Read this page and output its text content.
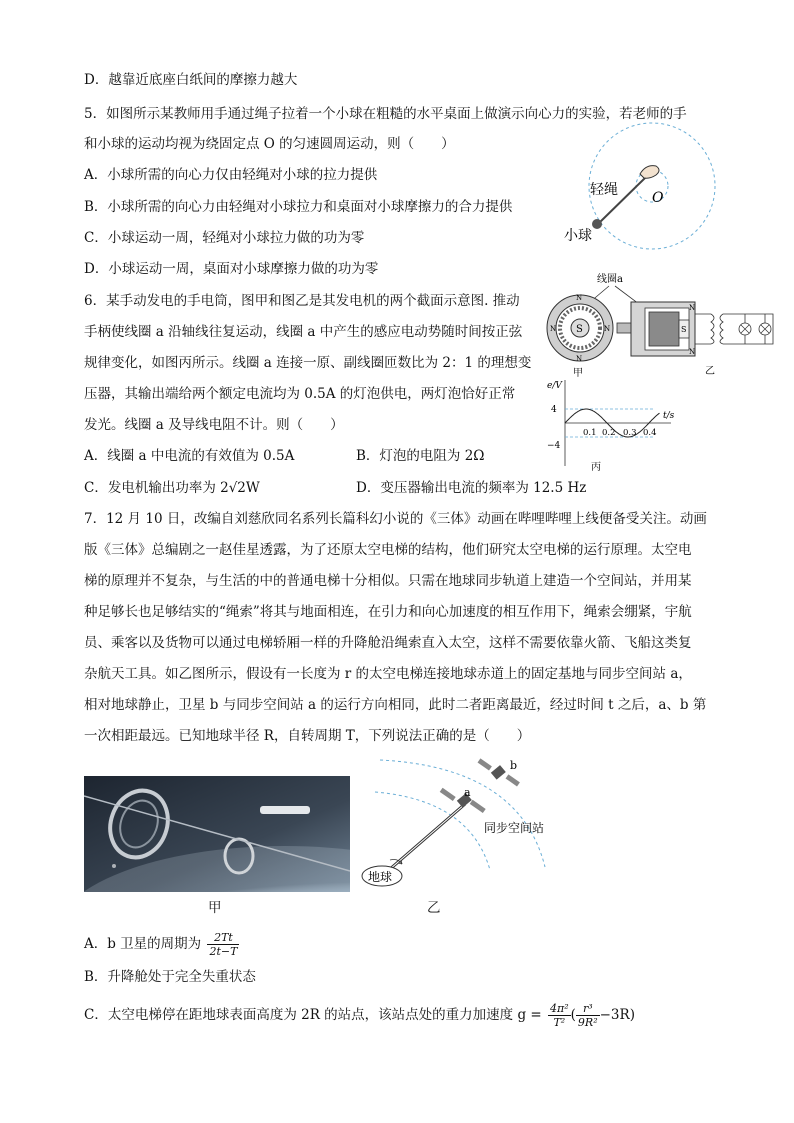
D．越靠近底座白纸间的摩擦力越大
5．如图所示某教师用手通过绳子拉着一个小球在粗糙的水平桌面上做演示向心力的实验，若老师的手
和小球的运动均视为绕固定点 O 的匀速圆周运动，则（　　）
A．小球所需的向心力仅由轻绳对小球的拉力提供
B．小球所需的向心力由轻绳对小球拉力和桌面对小球摩擦力的合力提供
C．小球运动一周，轻绳对小球拉力做的功为零
D．小球运动一周，桌面对小球摩擦力做的功为零
轻绳 O
小球
6．某手动发电的手电筒，图甲和图乙是其发电机的两个截面示意图. 推动
手柄使线圈 a 沿轴线往复运动，线圈 a 中产生的感应电动势随时间按正弦
规律变化，如图丙所示。线圈 a 连接一原、副线圈匝数比为 2：1 的理想变
压器，其输出端给两个额定电流均为 0.5A 的灯泡供电，两灯泡恰好正常
发光。线圈 a 及导线电阻不计。则（　　）
A．线圈 a 中电流的有效值为 0.5A	B．灯泡的电阻为 2Ω
C．发电机输出功率为 2√2W	D．变压器输出电流的频率为 12.5 Hz
线圈a
S
N
N
N	N
甲
S
N
N
乙
e/V
t/s
4
−4
0.1 0.2 0.3 0.4
丙
7．12 月 10 日，改编自刘慈欣同名系列长篇科幻小说的《三体》动画在哔哩哔哩上线便备受关注。动画
版《三体》总编剧之一赵佳星透露，为了还原太空电梯的结构，他们研究太空电梯的运行原理。太空电
梯的原理并不复杂，与生活的中的普通电梯十分相似。只需在地球同步轨道上建造一个空间站，并用某
种足够长也足够结实的“绳索”将其与地面相连，在引力和向心加速度的相互作用下，绳索会绷紧，宇航
员、乘客以及货物可以通过电梯轿厢一样的升降舱沿绳索直入太空，这样不需要依靠火箭、飞船这类复
杂航天工具。如乙图所示，假设有一长度为 r 的太空电梯连接地球赤道上的固定基地与同步空间站 a，
相对地球静止，卫星 b 与同步空间站 a 的运行方向相同，此时二者距离最近，经过时间 t 之后，a、b 第
一次相距最远。已知地球半径 R，自转周期 T，下列说法正确的是（　　）
甲
a
b
同步空间站
地球
乙
A．b 卫星的周期为 $\frac{2Tt}{2t-T}$
B．升降舱处于完全失重状态
C．太空电梯停在距地球表面高度为 2R 的站点，该站点处的重力加速度 $g = \frac{\text{4π²}}{\text{T²}}$ ( $\frac{\text{r³}}{\text{9R²}} -3R$)
